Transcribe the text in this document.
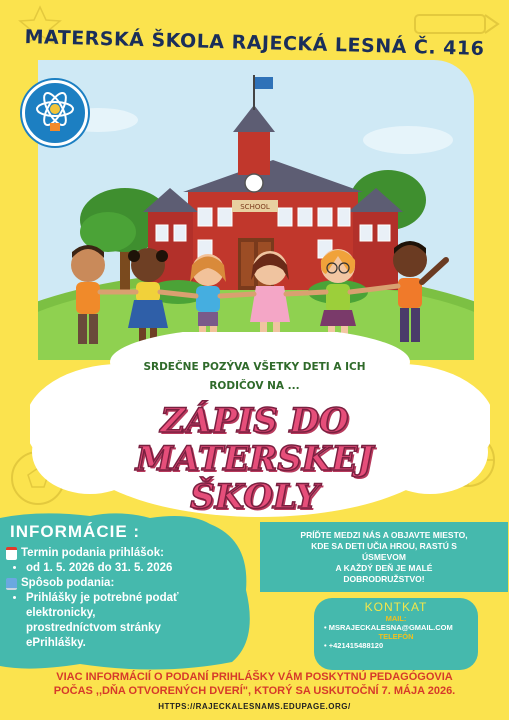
MATERSKÁ ŠKOLA RAJECKÁ LESNÁ Č. 416
SCHOOL
SRDEČNE POZÝVA VŠETKY DETI A ICH
RODIČOV NA ...
ZÁPIS DO
MATERSKEJ
ŠKOLY
INFORMÁCIE :
Termin podania prihlášok:
• od 1. 5. 2026 do 31. 5. 2026
Spôsob podania:
• Prihlášky je potrebné podať
elektronicky,
prostredníctvom stránky
ePrihlášky.
PRÍĎTE MEDZI NÁS A OBJAVTE MIESTO,
KDE SA DETI UČIA HROU, RASTÚ S
ÚSMEVOM
A KAŽDÝ DEŇ JE MALÉ
DOBRODRUŽSTVO!
KONTKAT
MAIL:
• MSRAJECKALESNA@GMAIL.COM
TELEFÓN
• +421415488120
VIAC INFORMÁCIÍ O PODANÍ PRIHLÁŠKY VÁM POSKYTNÚ PEDAGÓGOVIA
POČAS ,,DŇA OTVORENÝCH DVERÍ", KTORÝ SA USKUTOČNÍ 7. MÁJA 2026.
HTTPS://RAJECKALESNAMS.EDUPAGE.ORG/
